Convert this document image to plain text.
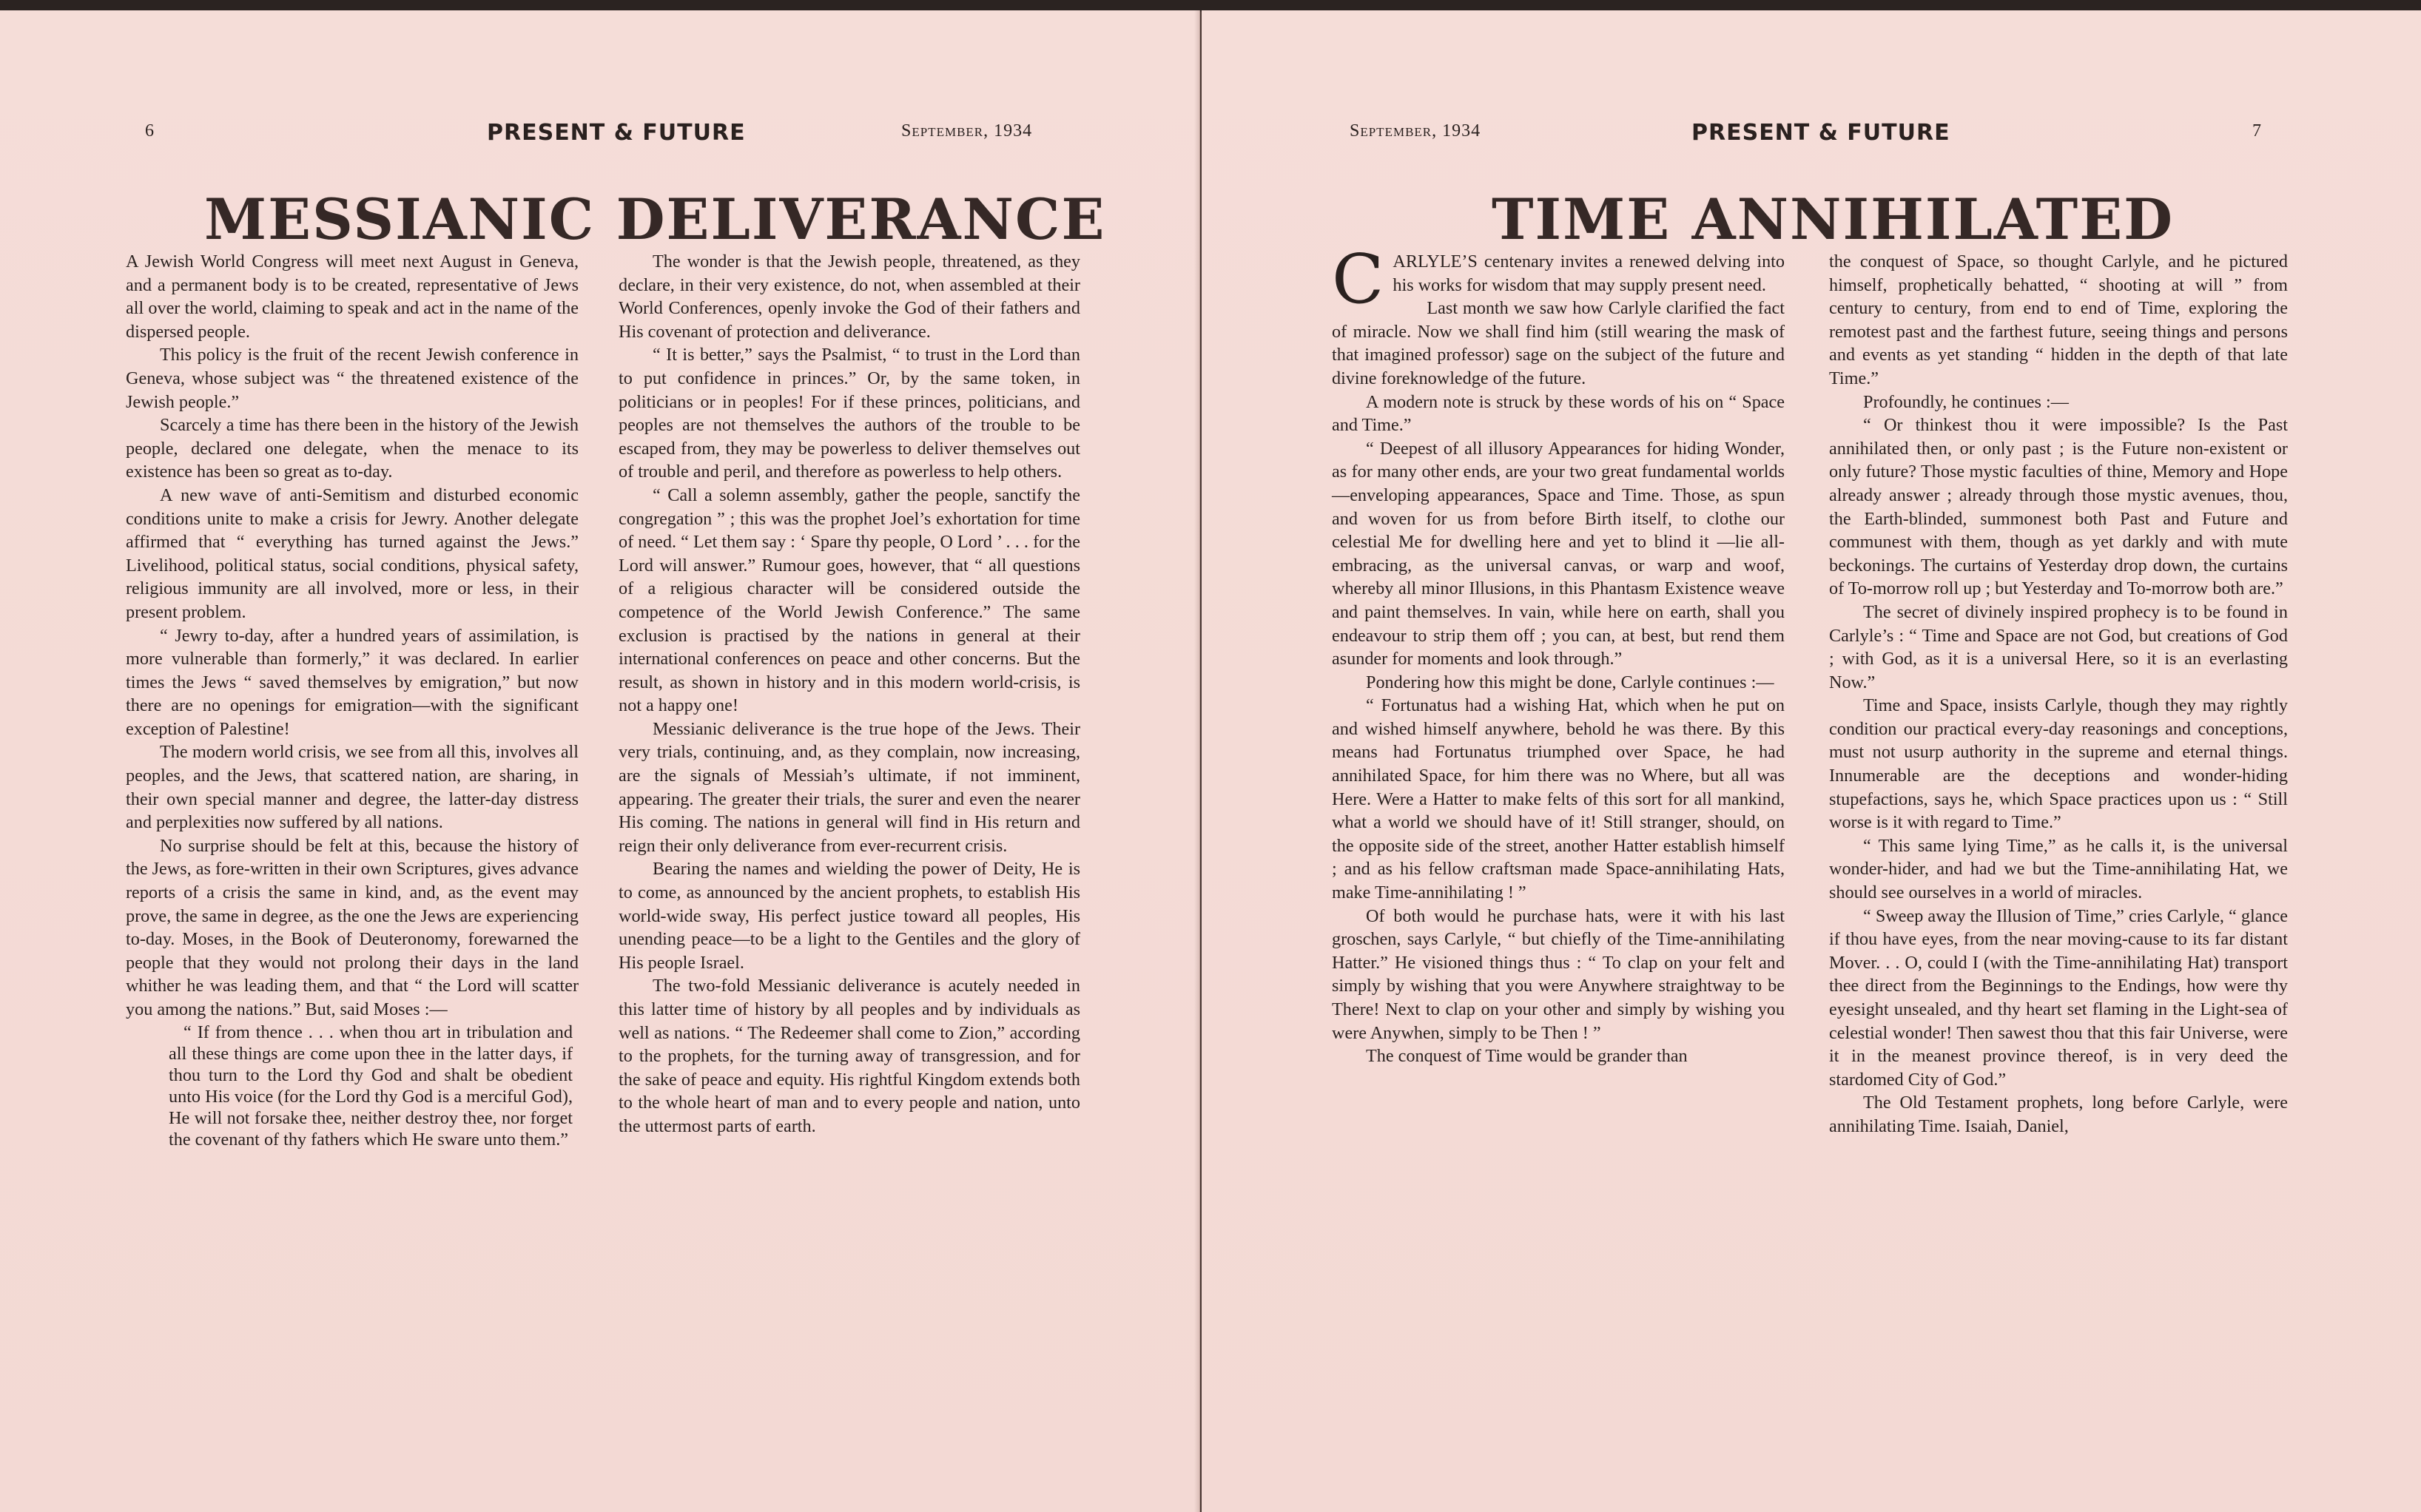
6	PRESENT & FUTURE	September, 1934
MESSIANIC DELIVERANCE

A Jewish World Congress will meet next August in Geneva, and a permanent body is to be created, representative of Jews all over the world, claiming to speak and act in the name of the dispersed people.

This policy is the fruit of the recent Jewish conference in Geneva, whose subject was “ the threatened existence of the Jewish people.”

Scarcely a time has there been in the history of the Jewish people, declared one delegate, when the menace to its existence has been so great as to-day.

A new wave of anti-Semitism and disturbed economic conditions unite to make a crisis for Jewry. Another delegate affirmed that “ everything has turned against the Jews.” Livelihood, political status, social conditions, physical safety, religious immunity are all involved, more or less, in their present problem.

“ Jewry to-day, after a hundred years of assimilation, is more vulnerable than formerly,” it was declared. In earlier times the Jews “ saved themselves by emigration,” but now there are no openings for emigration—with the significant exception of Palestine!

The modern world crisis, we see from all this, involves all peoples, and the Jews, that scattered nation, are sharing, in their own special manner and degree, the latter-day distress and perplexities now suffered by all nations.

No surprise should be felt at this, because the history of the Jews, as fore-written in their own Scriptures, gives advance reports of a crisis the same in kind, and, as the event may prove, the same in degree, as the one the Jews are experiencing to-day. Moses, in the Book of Deuteronomy, forewarned the people that they would not prolong their days in the land whither he was leading them, and that “ the Lord will scatter you among the nations.” But, said Moses :—

“ If from thence . . . when thou art in tribulation and all these things are come upon thee in the latter days, if thou turn to the Lord thy God and shalt be obedient unto His voice (for the Lord thy God is a merciful God), He will not forsake thee, neither destroy thee, nor forget the covenant of thy fathers which He sware unto them.”

The wonder is that the Jewish people, threatened, as they declare, in their very existence, do not, when assembled at their World Conferences, openly invoke the God of their fathers and His covenant of protection and deliverance.

“ It is better,” says the Psalmist, “ to trust in the Lord than to put confidence in princes.” Or, by the same token, in politicians or in peoples! For if these princes, politicians, and peoples are not themselves the authors of the trouble to be escaped from, they may be powerless to deliver themselves out of trouble and peril, and therefore as powerless to help others.

“ Call a solemn assembly, gather the people, sanctify the congregation ” ; this was the prophet Joel’s exhortation for time of need. “ Let them say : ‘ Spare thy people, O Lord ’ . . . for the Lord will answer.” Rumour goes, however, that “ all questions of a religious character will be considered outside the competence of the World Jewish Conference.” The same exclusion is practised by the nations in general at their international conferences on peace and other concerns. But the result, as shown in history and in this modern world-crisis, is not a happy one!

Messianic deliverance is the true hope of the Jews. Their very trials, continuing, and, as they complain, now increasing, are the signals of Messiah’s ultimate, if not imminent, appearing. The greater their trials, the surer and even the nearer His coming. The nations in general will find in His return and reign their only deliverance from ever-recurrent crisis.

Bearing the names and wielding the power of Deity, He is to come, as announced by the ancient prophets, to establish His world-wide sway, His perfect justice toward all peoples, His unending peace—to be a light to the Gentiles and the glory of His people Israel.

The two-fold Messianic deliverance is acutely needed in this latter time of history by all peoples and by individuals as well as nations. “ The Redeemer shall come to Zion,” according to the prophets, for the turning away of transgression, and for the sake of peace and equity. His rightful Kingdom extends both to the whole heart of man and to every people and nation, unto the uttermost parts of earth.

September, 1934	PRESENT & FUTURE	7
TIME ANNIHILATED

CARLYLE’S centenary invites a renewed delving into his works for wisdom that may supply present need.

Last month we saw how Carlyle clarified the fact of miracle. Now we shall find him (still wearing the mask of that imagined professor) sage on the subject of the future and divine foreknowledge of the future.

A modern note is struck by these words of his on “ Space and Time.”

“ Deepest of all illusory Appearances for hiding Wonder, as for many other ends, are your two great fundamental worlds—enveloping appearances, Space and Time. Those, as spun and woven for us from before Birth itself, to clothe our celestial Me for dwelling here and yet to blind it —lie all-embracing, as the universal canvas, or warp and woof, whereby all minor Illusions, in this Phantasm Existence weave and paint themselves. In vain, while here on earth, shall you endeavour to strip them off ; you can, at best, but rend them asunder for moments and look through.”

Pondering how this might be done, Carlyle continues :—

“ Fortunatus had a wishing Hat, which when he put on and wished himself anywhere, behold he was there. By this means had Fortunatus triumphed over Space, he had annihilated Space, for him there was no Where, but all was Here. Were a Hatter to make felts of this sort for all mankind, what a world we should have of it! Still stranger, should, on the opposite side of the street, another Hatter establish himself ; and as his fellow craftsman made Space-annihilating Hats, make Time-annihilating ! ”

Of both would he purchase hats, were it with his last groschen, says Carlyle, “ but chiefly of the Time-annihilating Hatter.” He visioned things thus : “ To clap on your felt and simply by wishing that you were Anywhere straightway to be There! Next to clap on your other and simply by wishing you were Anywhen, simply to be Then ! ”

The conquest of Time would be grander than

the conquest of Space, so thought Carlyle, and he pictured himself, prophetically behatted, “ shooting at will ” from century to century, from end to end of Time, exploring the remotest past and the farthest future, seeing things and persons and events as yet standing “ hidden in the depth of that late Time.”

Profoundly, he continues :—

“ Or thinkest thou it were impossible? Is the Past annihilated then, or only past ; is the Future non-existent or only future? Those mystic faculties of thine, Memory and Hope already answer ; already through those mystic avenues, thou, the Earth-blinded, summonest both Past and Future and communest with them, though as yet darkly and with mute beckonings. The curtains of Yesterday drop down, the curtains of To-morrow roll up ; but Yesterday and To-morrow both are.”

The secret of divinely inspired prophecy is to be found in Carlyle’s : “ Time and Space are not God, but creations of God ; with God, as it is a universal Here, so it is an everlasting Now.”

Time and Space, insists Carlyle, though they may rightly condition our practical every-day reasonings and conceptions, must not usurp authority in the supreme and eternal things. Innumerable are the deceptions and wonder-hiding stupefactions, says he, which Space practices upon us : “ Still worse is it with regard to Time.”

“ This same lying Time,” as he calls it, is the universal wonder-hider, and had we but the Time-annihilating Hat, we should see ourselves in a world of miracles.

“ Sweep away the Illusion of Time,” cries Carlyle, “ glance if thou have eyes, from the near moving-cause to its far distant Mover. . . O, could I (with the Time-annihilating Hat) transport thee direct from the Beginnings to the Endings, how were thy eyesight unsealed, and thy heart set flaming in the Light-sea of celestial wonder! Then sawest thou that this fair Universe, were it in the meanest province thereof, is in very deed the stardomed City of God.”

The Old Testament prophets, long before Carlyle, were annihilating Time. Isaiah, Daniel,
